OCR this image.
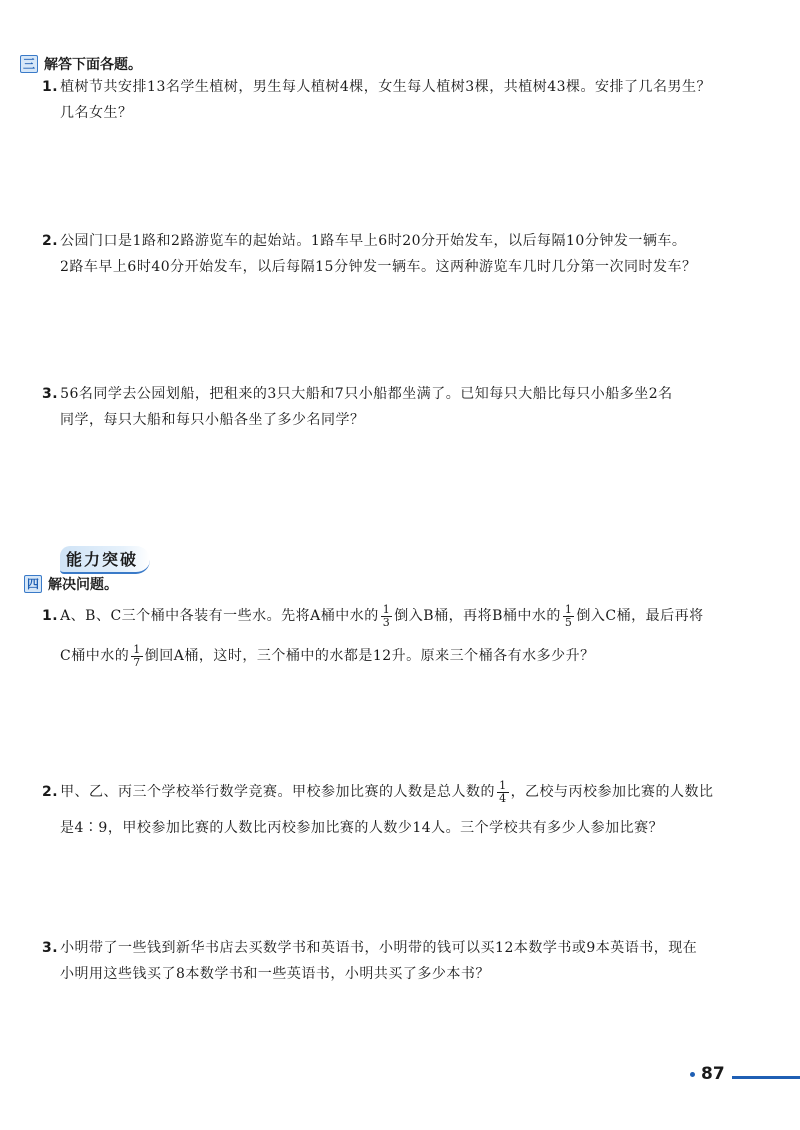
三 解答下面各题。
1. 植树节共安排13名学生植树，男生每人植树4棵，女生每人植树3棵，共植树43棵。安排了几名男生？
几名女生？
2. 公园门口是1路和2路游览车的起始站。1路车早上6时20分开始发车，以后每隔10分钟发一辆车。
2路车早上6时40分开始发车，以后每隔15分钟发一辆车。这两种游览车几时几分第一次同时发车？
3. 56名同学去公园划船，把租来的3只大船和7只小船都坐满了。已知每只大船比每只小船多坐2名
同学，每只大船和每只小船各坐了多少名同学？
能力突破
四 解决问题。
1. A、B、C三个桶中各装有一些水。先将A桶中水的 $\frac{1}{3}$ 倒入B桶，再将B桶中水的 $\frac{1}{5}$ 倒入C桶，最后再将
C桶中水的 $\frac{1}{7}$ 倒回A桶，这时，三个桶中的水都是12升。原来三个桶各有水多少升？
2. 甲、乙、丙三个学校举行数学竞赛。甲校参加比赛的人数是总人数的 $\frac{1}{4}$ ，乙校与丙校参加比赛的人数比
是4∶9，甲校参加比赛的人数比丙校参加比赛的人数少14人。三个学校共有多少人参加比赛？
3. 小明带了一些钱到新华书店去买数学书和英语书，小明带的钱可以买12本数学书或9本英语书，现在
小明用这些钱买了8本数学书和一些英语书，小明共买了多少本书？
87
